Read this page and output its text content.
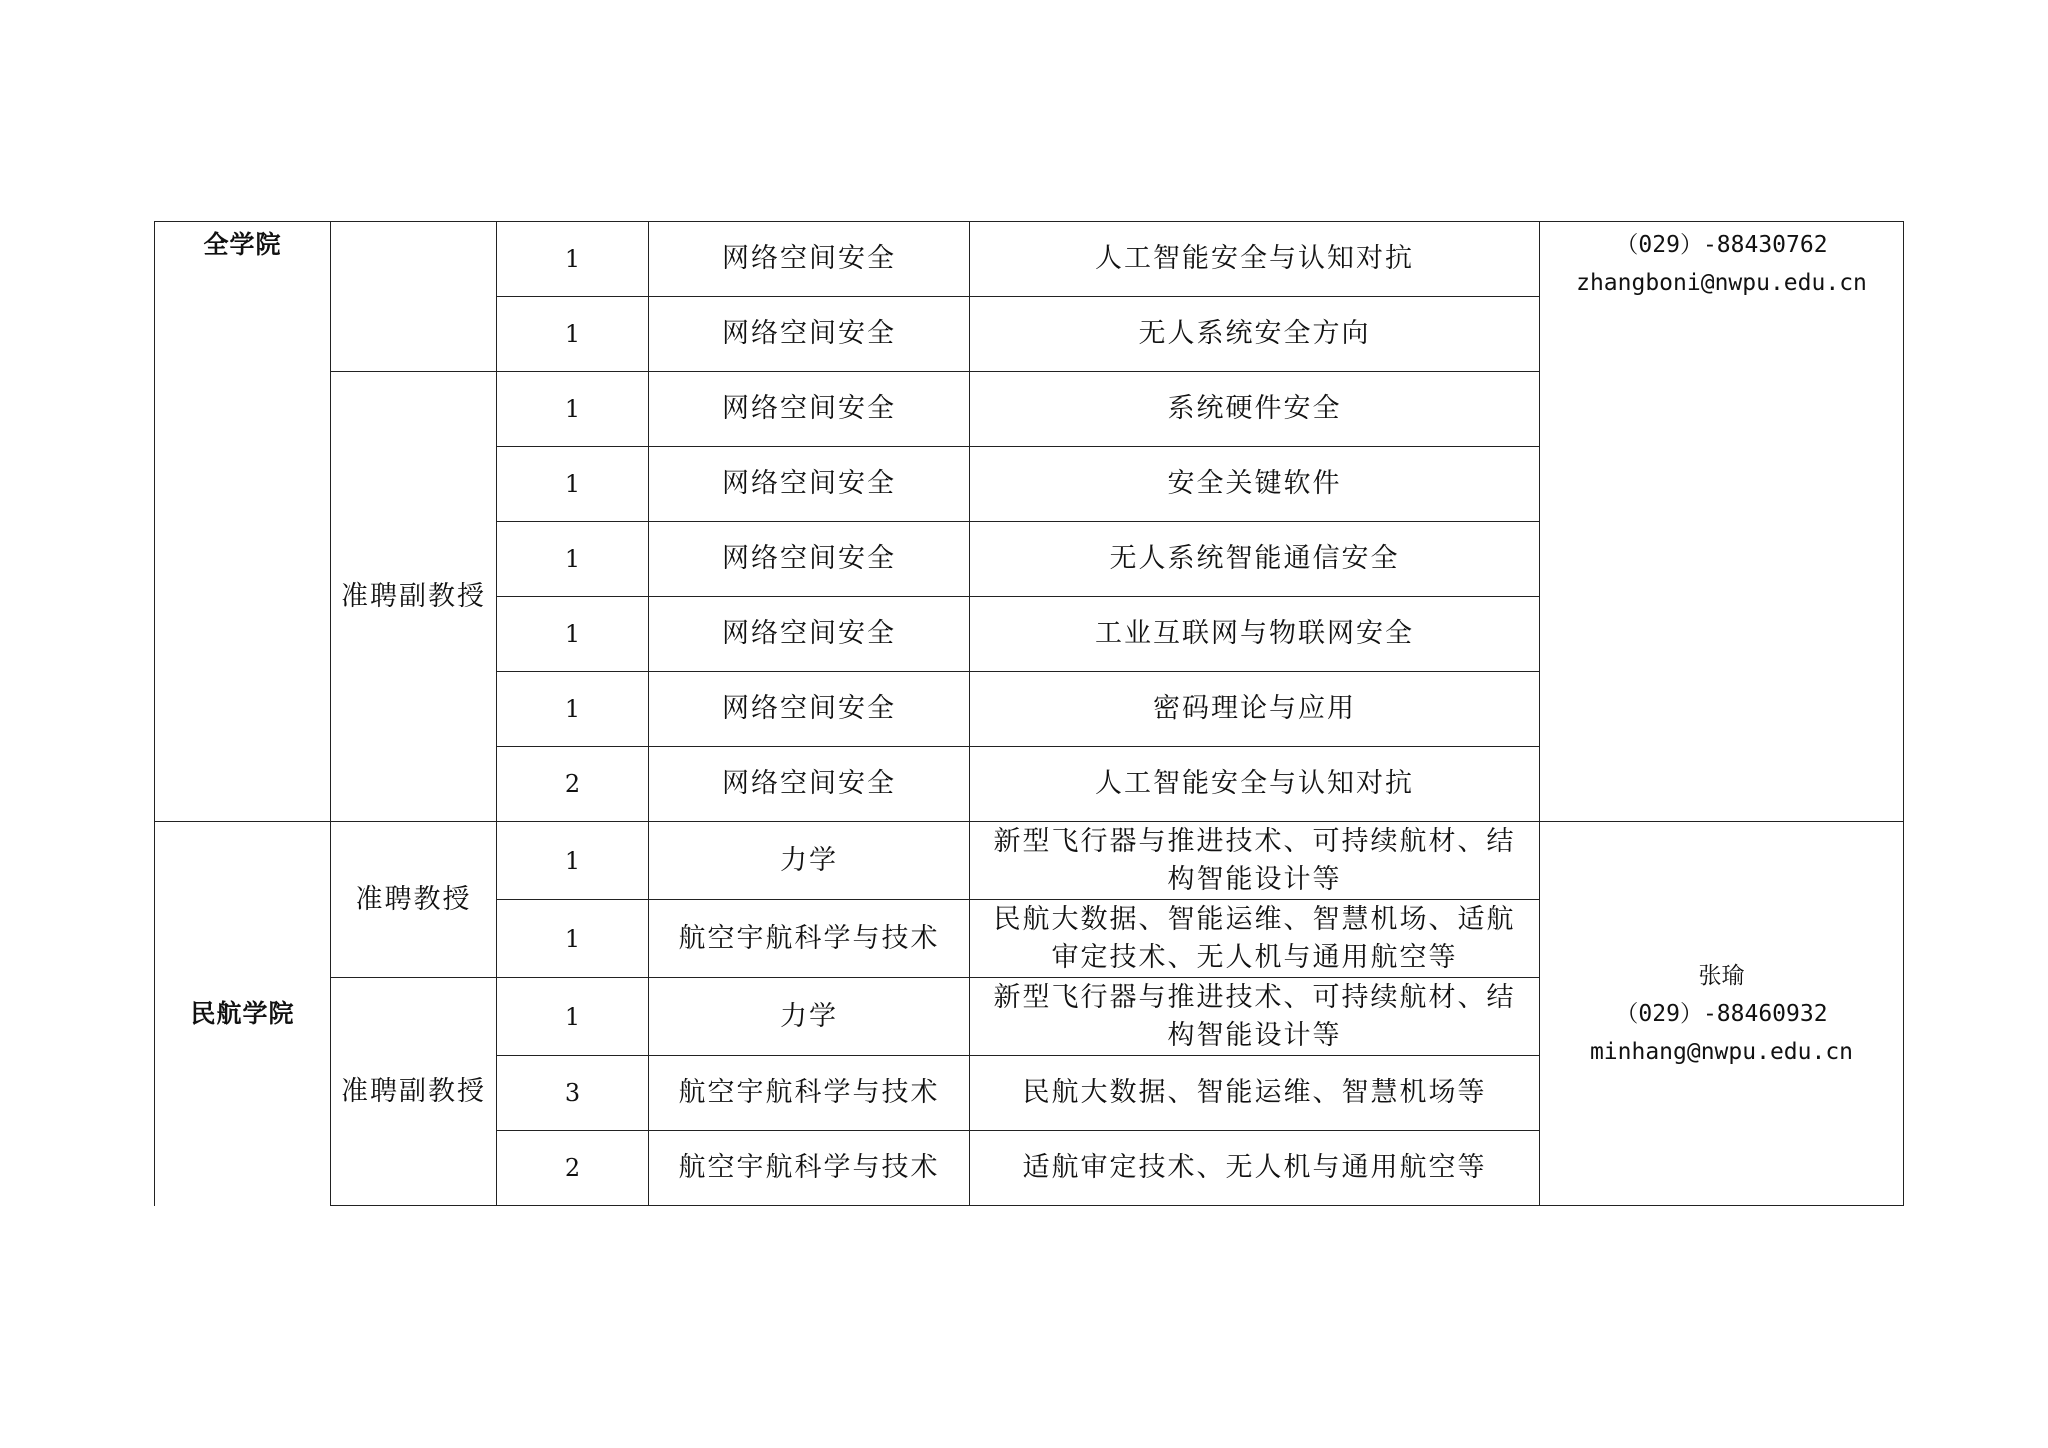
全学院		1	网络空间安全	人工智能安全与认知对抗	（029）-88430762
zhangboni@nwpu.edu.cn

		1	网络空间安全	无人系统安全方向	
	准聘副教授	1	网络空间安全	系统硬件安全	
		1	网络空间安全	安全关键软件	
		1	网络空间安全	无人系统智能通信安全	
		1	网络空间安全	工业互联网与物联网安全	
		1	网络空间安全	密码理论与应用	
		2	网络空间安全	人工智能安全与认知对抗	
民航学院	准聘教授	1	力学	新型飞行器与推进技术、可持续航材、结构智能设计等	张瑜
（029）-88460932
minhang@nwpu.edu.cn

		1	航空宇航科学与技术	民航大数据、智能运维、智慧机场、适航审定技术、无人机与通用航空等	
	准聘副教授	1	力学	新型飞行器与推进技术、可持续航材、结构智能设计等	
		3	航空宇航科学与技术	民航大数据、智能运维、智慧机场等	
		2	航空宇航科学与技术	适航审定技术、无人机与通用航空等	
